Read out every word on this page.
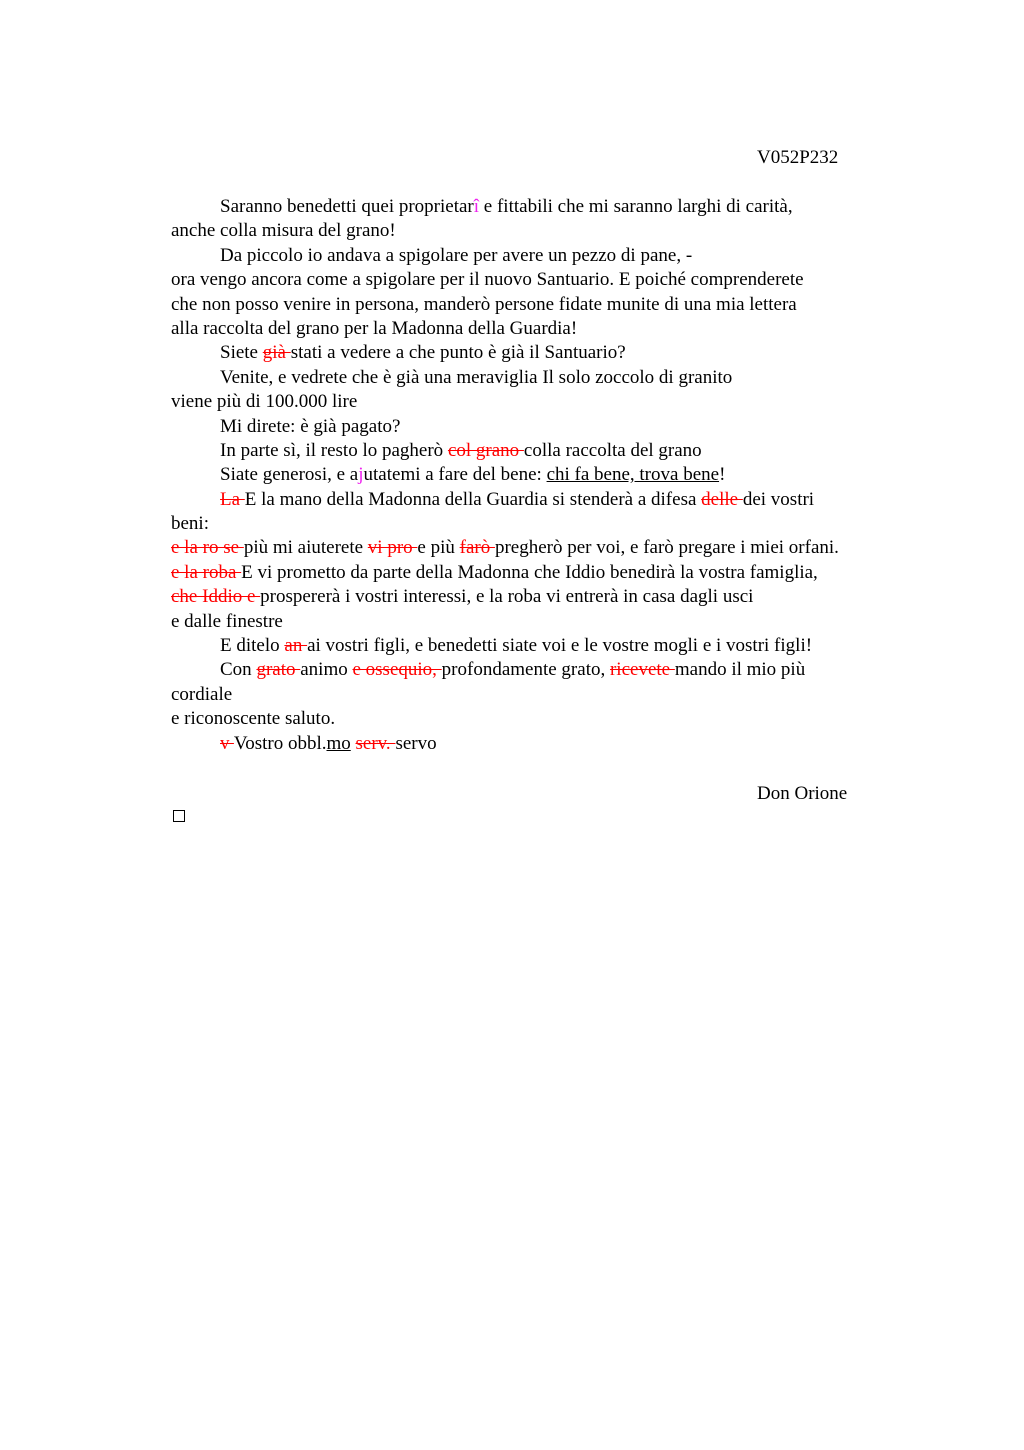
V052P232
Saranno benedetti quei proprietarî e fittabili che mi saranno larghi di carità,
anche colla misura del grano!
Da piccolo io andava a spigolare per avere un pezzo di pane, -
ora vengo ancora come a spigolare per il nuovo Santuario. E poiché comprenderete
che non posso venire in persona, manderò persone fidate munite di una mia lettera
alla raccolta del grano per la Madonna della Guardia!
Siete già stati a vedere a che punto è già il Santuario?
Venite, e vedrete che è già una meraviglia Il solo zoccolo di granito
viene più di 100.000 lire
Mi direte: è già pagato?
In parte sì, il resto lo pagherò col grano colla raccolta del grano
Siate generosi, e ajutatemi a fare del bene: chi fa bene, trova bene!
La E la mano della Madonna della Guardia si stenderà a difesa delle dei vostri
beni:
e la ro se più mi aiuterete vi pro e più farò pregherò per voi, e farò pregare i miei orfani.
e la roba E vi prometto da parte della Madonna che Iddio benedirà la vostra famiglia,
che Iddio e prospererà i vostri interessi, e la roba vi entrerà in casa dagli usci
e dalle finestre
E ditelo an ai vostri figli, e benedetti siate voi e le vostre mogli e i vostri figli!
Con grato animo e ossequio, profondamente grato, ricevete mando il mio più
cordiale
e riconoscente saluto.
v Vostro obbl.mo serv. servo
Don Orione
